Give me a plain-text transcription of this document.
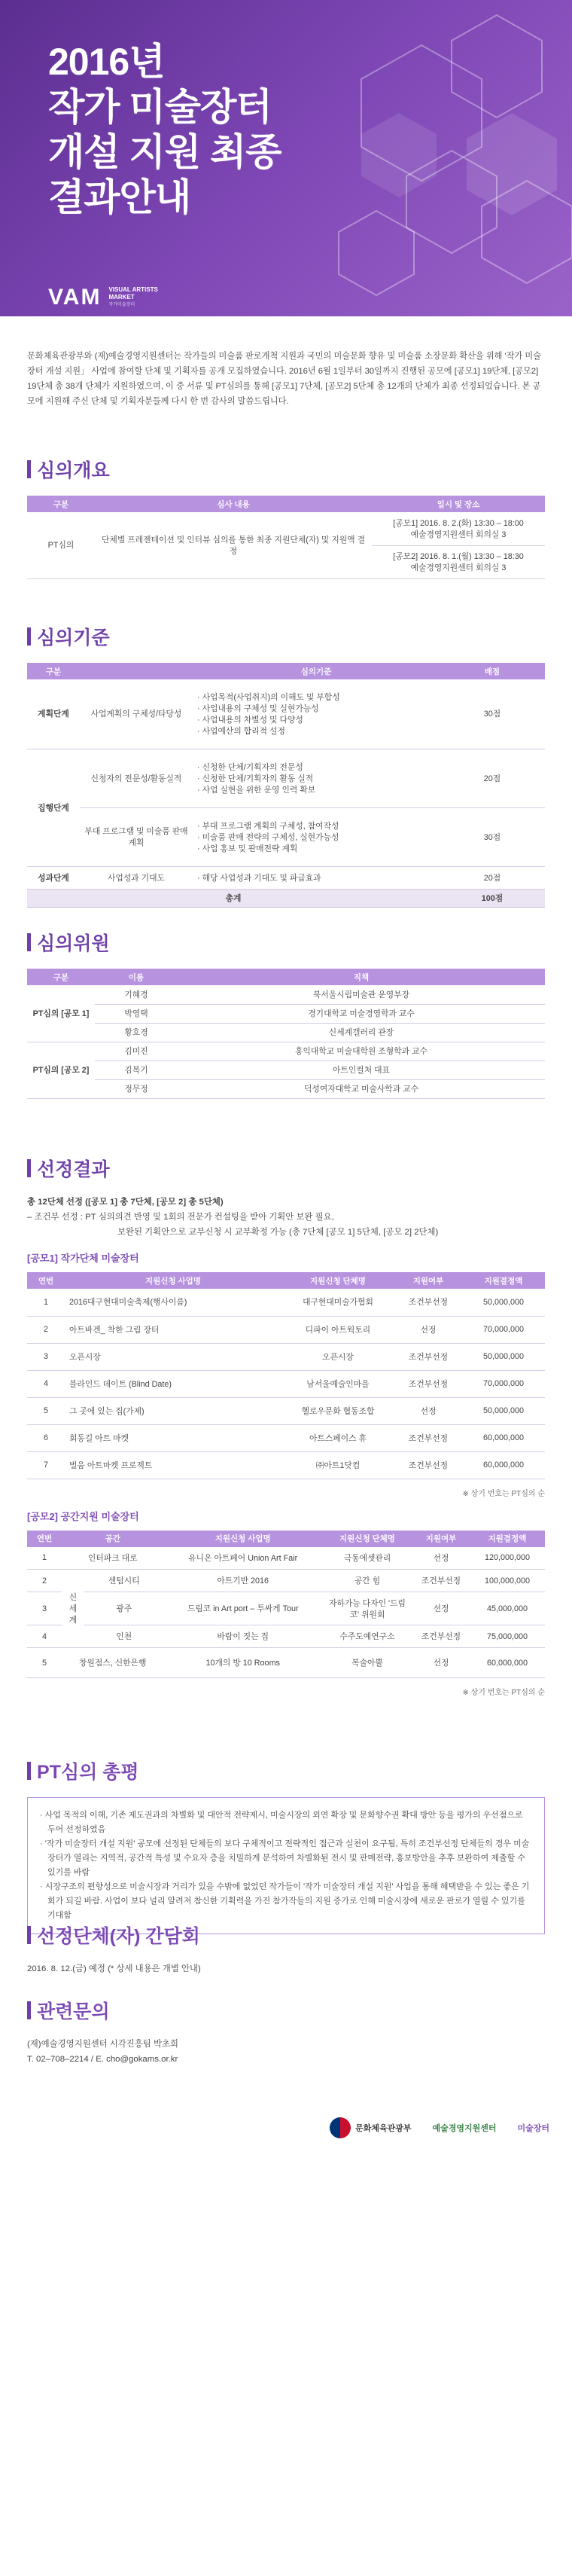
2016년
작가 미술장터
개설 지원 최종
결과안내
VAM VISUAL ARTISTS
MARKET
작가미술장터
문화체육관광부와 (재)예술경영지원센터는 작가들의 미술품 판로개척 지원과 국민의 미술문화 향유 및 미술품 소장문화 확산을 위해 '작가 미술장터 개설 지원」 사업에 참여할 단체 및 기획자를 공개 모집하였습니다. 2016년 6월 1일부터 30일까지 진행된 공모에 [공모1] 19단체, [공모2] 19단체 총 38개 단체가 지원하였으며, 이 중 서류 및 PT심의를 통해 [공모1] 7단체, [공모2] 5단체 총 12개의 단체가 최종 선정되었습니다. 본 공모에 지원해 주신 단체 및 기획자분들께 다시 한 번 감사의 말씀드립니다.
심의개요
구분	심사 내용	일시 및 장소
PT심의	단체별 프레젠테이션 및 인터뷰 심의를 통한 최종 지원단체(자) 및 지원액 결정	[공모1] 2016. 8. 2.(화) 13:30 – 18:00
예술경영지원센터 회의실 3

		[공모2] 2016. 8. 1.(월) 13:30 – 18:30
예술경영지원센터 회의실 3
심의기준
구분		심의기준	배점
계획단계	사업계획의 구체성/타당성	· 사업목적(사업취지)의 이해도 및 부합성
· 사업내용의 구체성 및 실현가능성
· 사업내용의 차별성 및 다양성
· 사업예산의 합리적 설정	30점
집행단계	신청자의 전문성/활동실적	· 신청한 단체/기획자의 전문성
· 신청한 단체/기획자의 활동 실적
· 사업 실현을 위한 운영 인력 확보	20점
	부대 프로그램 및 미술품 판매계획	· 부대 프로그램 계획의 구체성, 참여작성
· 미술품 판매 전략의 구체성, 실현가능성
· 사업 홍보 및 판매전략 계획	30점
성과단계	사업성과 기대도	· 해당 사업성과 기대도 및 파급효과	20점
총계			100점
심의위원
구분	이름	직책
PT심의 [공모 1]	기혜경	북서울시립미술관 운영부장
	박영택	경기대학교 미술경영학과 교수
	황호경	신세계갤러리 관장
PT심의 [공모 2]	김미진	홍익대학교 미술대학원 조형학과 교수
	김복기	아트인컬처 대표
	정무정	덕성여자대학교 미술사학과 교수
선정결과
총 12단체 선정 ([공모 1] 총 7단체, [공모 2] 총 5단체)
– 조건부 선정 : PT 심의의견 반영 및 1회의 전문가 컨설팅을 받아 기획안 보완 필요,
보완된 기획안으로 교부신청 시 교부확정 가능 (총 7단체 [공모 1] 5단체, [공모 2] 2단체)
[공모1] 작가단체 미술장터
연번	지원신청 사업명	지원신청 단체명	지원여부	지원결정액
1	2016대구현대미술축제(행사이름)	대구현대미술가협회	조건부선정	50,000,000
2	아트바겐_ 착한 그림 장터	디파이 아트웍토리	선정	70,000,000
3	오픈시장	오픈시장	조건부선정	50,000,000
4	블라인드 데이트 (Blind Date)	남서울예술인마을	조건부선정	70,000,000
5	그 곳에 있는 집(가제)	헬로우문화 협동조합	선정	50,000,000
6	회동길 아트 마켓	아트스페이스 휴	조건부선정	60,000,000
7	벌움 아트마켓 프로젝트	㈜아트1닷컴	조건부선정	60,000,000
※ 상기 번호는 PT심의 순
[공모2] 공간지원 미술장터
연번	공간		지원신청 사업명	지원신청 단체명	지원여부	지원결정액
1	인터파크 대로		유니온 아트페어 Union Art Fair	극동에셋관리	선정	120,000,000
2	신세계	센텀시티	아트기반 2016	공간 힘	조건부선정	100,000,000
3		광주	드림코 in Art port – 투싸게 Tour	자하가능 다자인 '드림코' 위원회	선정	45,000,000
4		인천	바람이 짓는 집	수주도예연구소	조건부선정	75,000,000
5	창원점스, 신한은행		10개의 방 10 Rooms	복술아뿔	선정	60,000,000
※ 상기 번호는 PT심의 순
PT심의 총평

· 사업 목적의 이해, 기존 제도권과의 차별화 및 대안적 전략제시, 미술시장의 외연 확장 및 문화향수권 확대 방안 등을 평가의 우선점으로 두어 선정하였음

· '작가 미술장터 개설 지원' 공모에 선정된 단체들의 보다 구체적이고 전략적인 접근과 실천이 요구됨, 특히 조건부선정 단체들의 경우 미술장터가 열리는 지역적, 공간적 특성 및 수요자 층을 치밀하게 분석하여 차별화된 전시 및 판매전략, 홍보방안을 추후 보완하여 제출할 수 있기를 바람

· 시장구조의 편향성으로 미술시장과 거리가 있을 수밖에 없었던 작가들이 '작가 미술장터 개설 지원' 사업을 통해 혜택받을 수 있는 좋은 기회가 되길 바람. 사업이 보다 널리 알려져 참신한 기획력을 가진 참가작들의 지원 증가로 인해 미술시장에 새로운 판로가 열릴 수 있기를 기대함

선정단체(자) 간담회
2016. 8. 12.(금) 예정 (* 상세 내용은 개별 안내)
관련문의
(재)예술경영지원센터 시각진흥팀 박초희
T. 02–708–2214 / E. cho@gokams.or.kr
문화체육관광부	예술경영지원센터	미술장터
